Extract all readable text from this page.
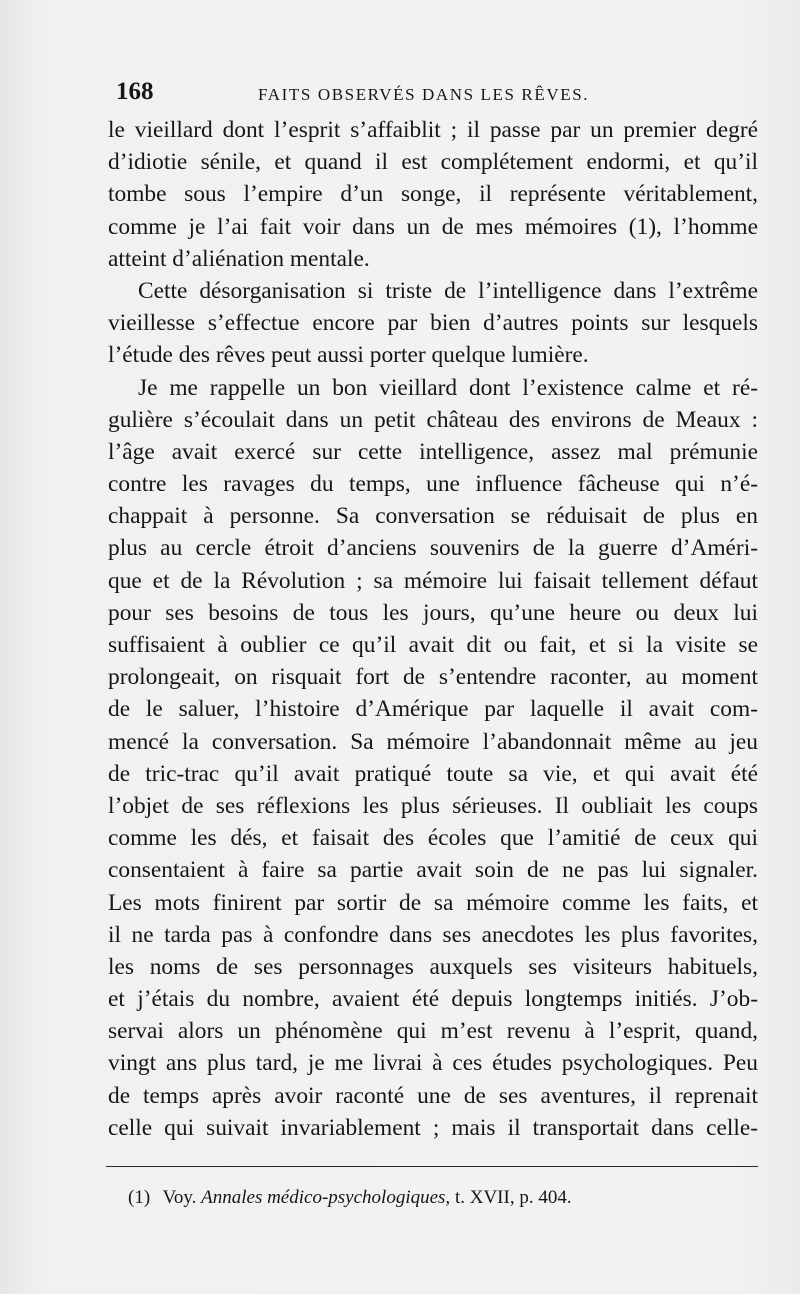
168	FAITS OBSERVÉS DANS LES RÊVES.
le vieillard dont l’esprit s’affaiblit ; il passe par un premier degré
d’idiotie sénile, et quand il est complétement endormi, et qu’il
tombe sous l’empire d’un songe, il représente véritablement,
comme je l’ai fait voir dans un de mes mémoires (1), l’homme
atteint d’aliénation mentale.
Cette désorganisation si triste de l’intelligence dans l’extrême
vieillesse s’effectue encore par bien d’autres points sur lesquels
l’étude des rêves peut aussi porter quelque lumière.
Je me rappelle un bon vieillard dont l’existence calme et ré-
gulière s’écoulait dans un petit château des environs de Meaux :
l’âge avait exercé sur cette intelligence, assez mal prémunie
contre les ravages du temps, une influence fâcheuse qui n’é-
chappait à personne. Sa conversation se réduisait de plus en
plus au cercle étroit d’anciens souvenirs de la guerre d’Améri-
que et de la Révolution ; sa mémoire lui faisait tellement défaut
pour ses besoins de tous les jours, qu’une heure ou deux lui
suffisaient à oublier ce qu’il avait dit ou fait, et si la visite se
prolongeait, on risquait fort de s’entendre raconter, au moment
de le saluer, l’histoire d’Amérique par laquelle il avait com-
mencé la conversation. Sa mémoire l’abandonnait même au jeu
de tric-trac qu’il avait pratiqué toute sa vie, et qui avait été
l’objet de ses réflexions les plus sérieuses. Il oubliait les coups
comme les dés, et faisait des écoles que l’amitié de ceux qui
consentaient à faire sa partie avait soin de ne pas lui signaler.
Les mots finirent par sortir de sa mémoire comme les faits, et
il ne tarda pas à confondre dans ses anecdotes les plus favorites,
les noms de ses personnages auxquels ses visiteurs habituels,
et j’étais du nombre, avaient été depuis longtemps initiés. J’ob-
servai alors un phénomène qui m’est revenu à l’esprit, quand,
vingt ans plus tard, je me livrai à ces études psychologiques. Peu
de temps après avoir raconté une de ses aventures, il reprenait
celle qui suivait invariablement ; mais il transportait dans celle-
(1) Voy. Annales médico-psychologiques, t. XVII, p. 404.
